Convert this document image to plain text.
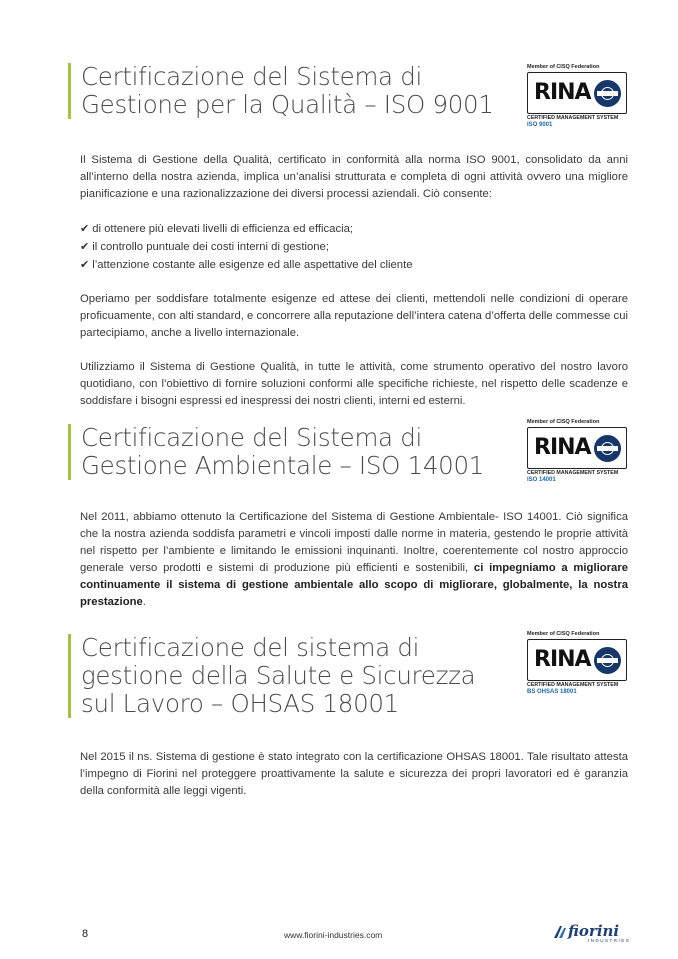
Certificazione del Sistema di
Gestione per la Qualità – ISO 9001
Member of CISQ Federation
RINA
CERTIFIED MANAGEMENT SYSTEM
ISO 9001

Il Sistema di Gestione della Qualità, certificato in conformità alla norma ISO 9001, consolidato da anni all’interno della nostra azienda, implica un’analisi strutturata e completa di ogni attività ovvero una migliore pianificazione e una razionalizzazione dei diversi processi aziendali. Ciò consente:

✔ di ottenere più elevati livelli di efficienza ed efficacia;
✔ il controllo puntuale dei costi interni di gestione;
✔ l’attenzione costante alle esigenze ed alle aspettative del cliente

Operiamo per soddisfare totalmente esigenze ed attese dei clienti, mettendoli nelle condizioni di operare proficuamente, con alti standard, e concorrere alla reputazione dell’intera catena d’offerta delle commesse cui partecipiamo, anche a livello internazionale.

Utilizziamo il Sistema di Gestione Qualità, in tutte le attività, come strumento operativo del nostro lavoro quotidiano, con l’obiettivo di fornire soluzioni conformi alle specifiche richieste, nel rispetto delle scadenze e soddisfare i bisogni espressi ed inespressi dei nostri clienti, interni ed esterni.

Certificazione del Sistema di
Gestione Ambientale – ISO 14001
Member of CISQ Federation
RINA
CERTIFIED MANAGEMENT SYSTEM
ISO 14001

Nel 2011, abbiamo ottenuto la Certificazione del Sistema di Gestione Ambientale- ISO 14001. Ciò significa che la nostra azienda soddisfa parametri e vincoli imposti dalle norme in materia, gestendo le proprie attività nel rispetto per l’ambiente e limitando le emissioni inquinanti. Inoltre, coerentemente col nostro approccio generale verso prodotti e sistemi di produzione più efficienti e sostenibili, ci impegniamo a migliorare continuamente il sistema di gestione ambientale allo scopo di migliorare, globalmente, la nostra prestazione.

Certificazione del sistema di
gestione della Salute e Sicurezza
sul Lavoro – OHSAS 18001
Member of CISQ Federation
RINA
CERTIFIED MANAGEMENT SYSTEM
BS OHSAS 18001

Nel 2015 il ns. Sistema di gestione è stato integrato con la certificazione OHSAS 18001. Tale risultato attesta l’impegno di Fiorini nel proteggere proattivamente la salute e sicurezza dei propri lavoratori ed è garanzia della conformità alle leggi vigenti.

8	www.fiorini-industries.com	fiorini
INDUSTRIES
